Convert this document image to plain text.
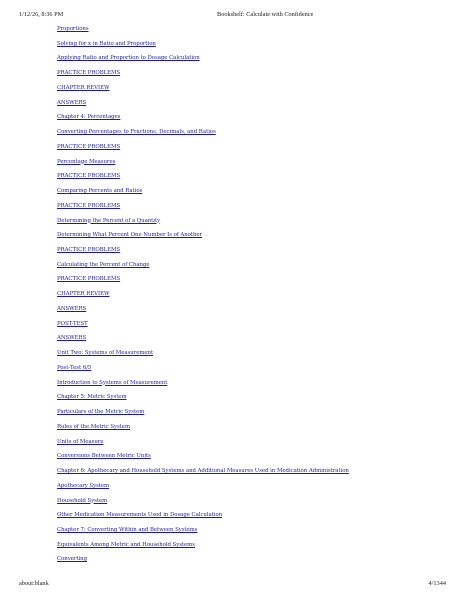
1/12/26, 8:36 PM	Bookshelf: Calculate with Confidence
Proportions
Solving for x in Ratio and Proportion
Applying Ratio and Proportion to Dosage Calculation
PRACTICE PROBLEMS
CHAPTER REVIEW
ANSWERS
Chapter 4: Percentages
Converting Percentages to Fractions, Decimals, and Ratios
PRACTICE PROBLEMS
Percentage Measures
PRACTICE PROBLEMS
Comparing Percents and Ratios
PRACTICE PROBLEMS
Determining the Percent of a Quantity
Determining What Percent One Number Is of Another
PRACTICE PROBLEMS
Calculating the Percent of Change
PRACTICE PROBLEMS
CHAPTER REVIEW
ANSWERS
POST-TEST
ANSWERS
Unit Two: Systems of Measurement
Post-Test 6/5
Introduction to Systems of Measurement
Chapter 5: Metric System
Particulars of the Metric System
Rules of the Metric System
Units of Measure
Conversions Between Metric Units
Chapter 6: Apothecary and Household Systems and Additional Measures Used in Medication Administration
Apothecary System
Household System
Other Medication Measurements Used in Dosage Calculation
Chapter 7: Converting Within and Between Systems
Equivalents Among Metric and Household Systems
Converting
about:blank	4/1344
